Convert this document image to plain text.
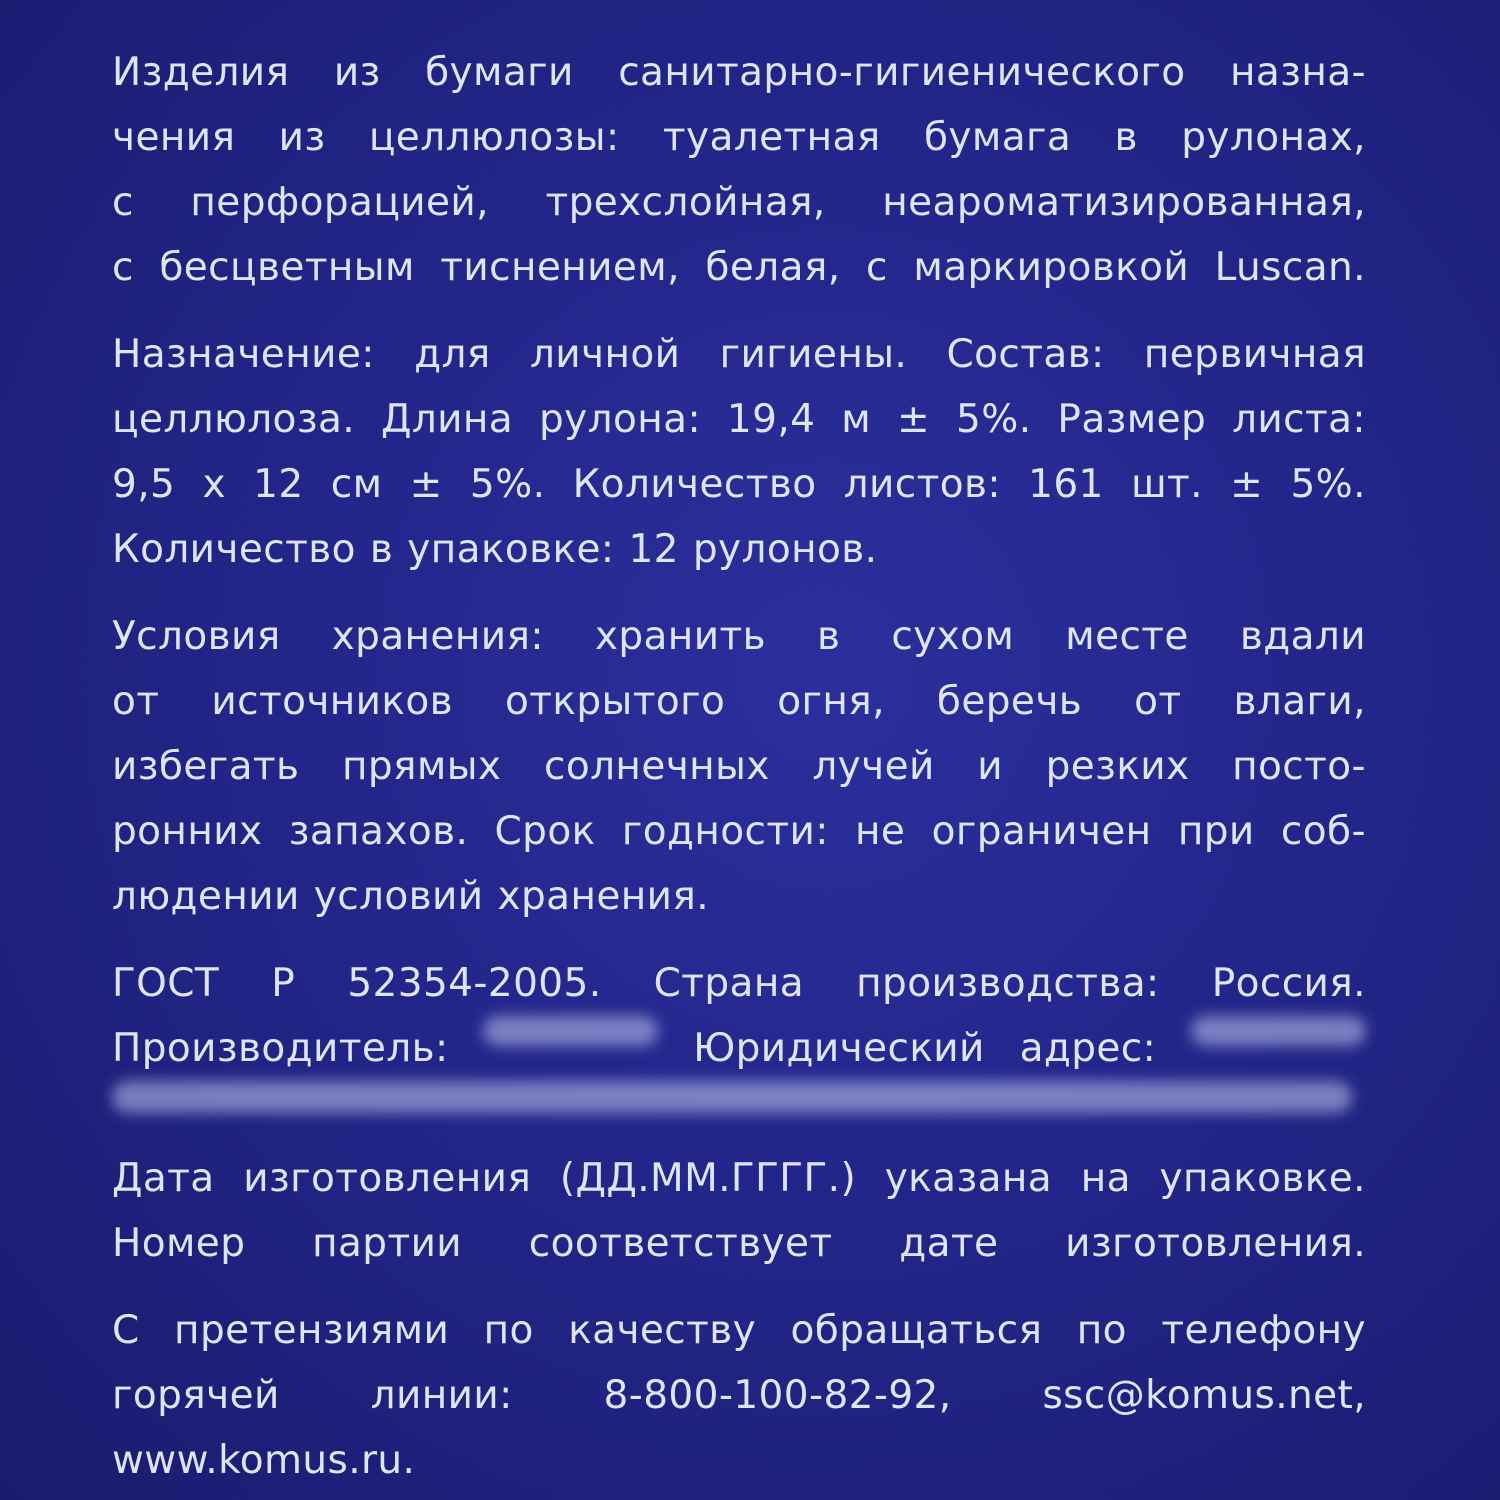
Изделия из бумаги санитарно-гигиенического назна-
чения из целлюлозы: туалетная бумага в рулонах,
с перфорацией, трехслойная, неароматизированная,
с бесцветным тиснением, белая, с маркировкой Luscan.
Назначение: для личной гигиены. Состав: первичная
целлюлоза. Длина рулона: 19,4 м ± 5%. Размер листа:
9,5 х 12 см ± 5%. Количество листов: 161 шт. ± 5%.
Количество в упаковке: 12 рулонов.
Условия хранения: хранить в сухом месте вдали
от источников открытого огня, беречь от влаги,
избегать прямых солнечных лучей и резких посто-
ронних запахов. Срок годности: не ограничен при соб-
людении условий хранения.
ГОСТ Р 52354-2005. Страна производства: Россия.
Производитель:	Юридический адрес:
Дата изготовления (ДД.ММ.ГГГГ.) указана на упаковке.
Номер партии соответствует дате изготовления.
С претензиями по качеству обращаться по телефону
горячей линии: 8-800-100-82-92, ssc@komus.net,
www.komus.ru.
